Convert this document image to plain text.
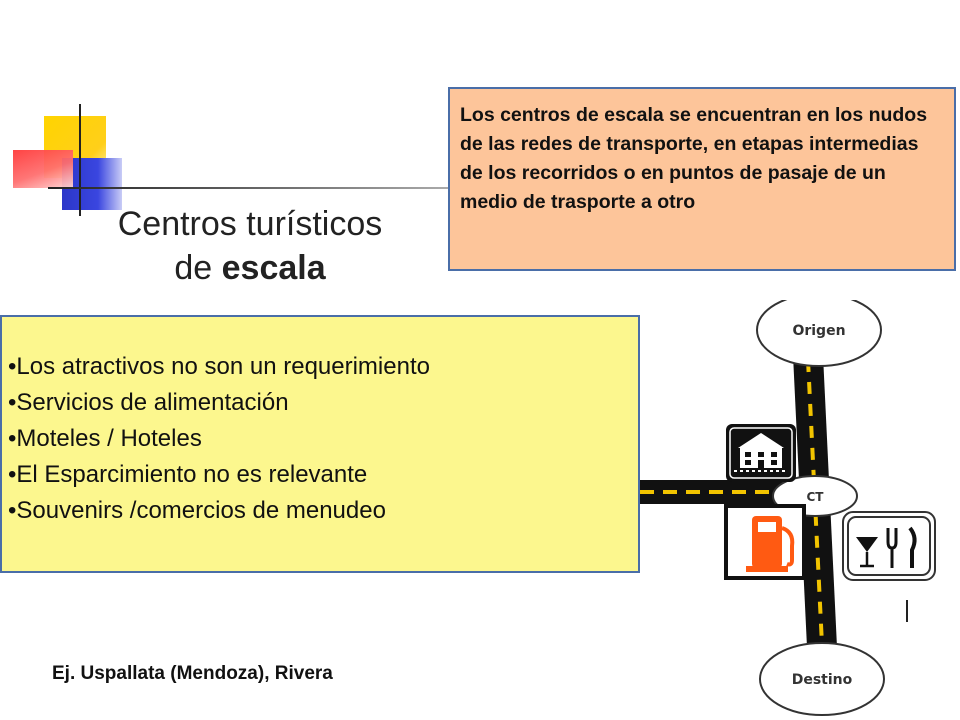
Centros turísticos
de escala
Los centros de escala se encuentran en los nudos de las redes de transporte, en etapas intermedias de los recorridos o en puntos de pasaje de un medio de trasporte a otro
•Los atractivos no son un requerimiento
•Servicios de alimentación
•Moteles / Hoteles
•El Esparcimiento no es relevante
•Souvenirs /comercios de menudeo
Ej. Uspallata (Mendoza), Rivera
Origen
CT
Destino
